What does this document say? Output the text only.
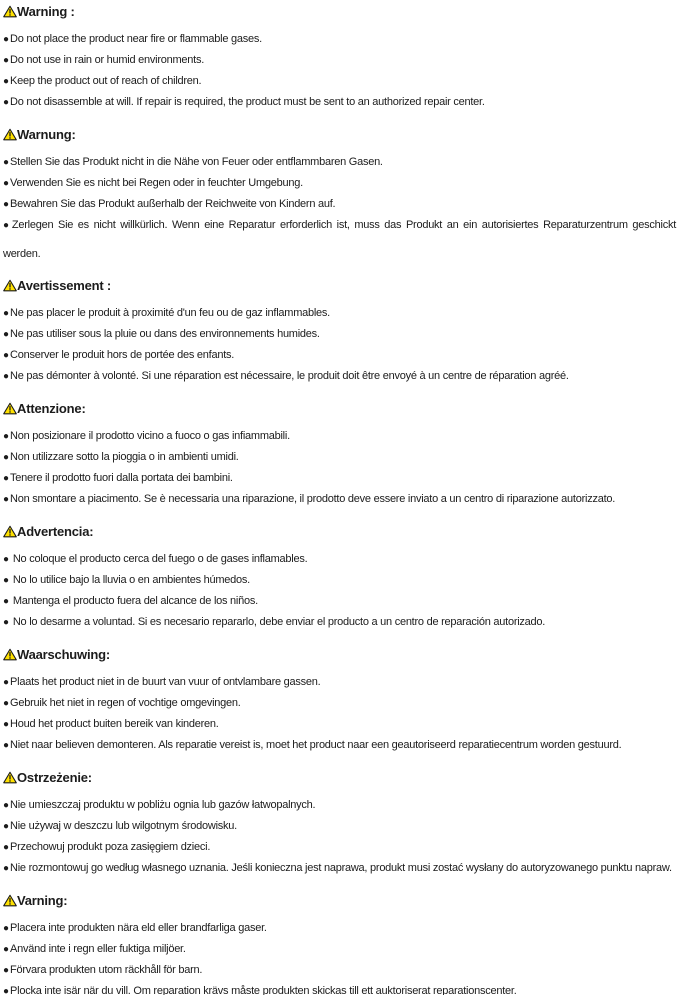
Warning :

●Do not place the product near fire or flammable gases.

●Do not use in rain or humid environments.

●Keep the product out of reach of children.

●Do not disassemble at will. If repair is required, the product must be sent to an authorized repair center.

Warnung:

●Stellen Sie das Produkt nicht in die Nähe von Feuer oder entflammbaren Gasen.

●Verwenden Sie es nicht bei Regen oder in feuchter Umgebung.

●Bewahren Sie das Produkt außerhalb der Reichweite von Kindern auf.

●Zerlegen Sie es nicht willkürlich. Wenn eine Reparatur erforderlich ist, muss das Produkt an ein autorisiertes Reparaturzentrum geschickt werden.

Avertissement :

●Ne pas placer le produit à proximité d'un feu ou de gaz inflammables.

●Ne pas utiliser sous la pluie ou dans des environnements humides.

●Conserver le produit hors de portée des enfants.

●Ne pas démonter à volonté. Si une réparation est nécessaire, le produit doit être envoyé à un centre de réparation agréé.

Attenzione:

●Non posizionare il prodotto vicino a fuoco o gas infiammabili.

●Non utilizzare sotto la pioggia o in ambienti umidi.

●Tenere il prodotto fuori dalla portata dei bambini.

●Non smontare a piacimento. Se è necessaria una riparazione, il prodotto deve essere inviato a un centro di riparazione autorizzato.

Advertencia:

● No coloque el producto cerca del fuego o de gases inflamables.

● No lo utilice bajo la lluvia o en ambientes húmedos.

● Mantenga el producto fuera del alcance de los niños.

● No lo desarme a voluntad. Si es necesario repararlo, debe enviar el producto a un centro de reparación autorizado.

Waarschuwing:

●Plaats het product niet in de buurt van vuur of ontvlambare gassen.

●Gebruik het niet in regen of vochtige omgevingen.

●Houd het product buiten bereik van kinderen.

●Niet naar believen demonteren. Als reparatie vereist is, moet het product naar een geautoriseerd reparatiecentrum worden gestuurd.

Ostrzeżenie:

●Nie umieszczaj produktu w pobliżu ognia lub gazów łatwopalnych.

●Nie używaj w deszczu lub wilgotnym środowisku.

●Przechowuj produkt poza zasięgiem dzieci.

●Nie rozmontowuj go według własnego uznania. Jeśli konieczna jest naprawa, produkt musi zostać wysłany do autoryzowanego punktu napraw.

Varning:

●Placera inte produkten nära eld eller brandfarliga gaser.

●Använd inte i regn eller fuktiga miljöer.

●Förvara produkten utom räckhåll för barn.

●Plocka inte isär när du vill. Om reparation krävs måste produkten skickas till ett auktoriserat reparationscenter.
